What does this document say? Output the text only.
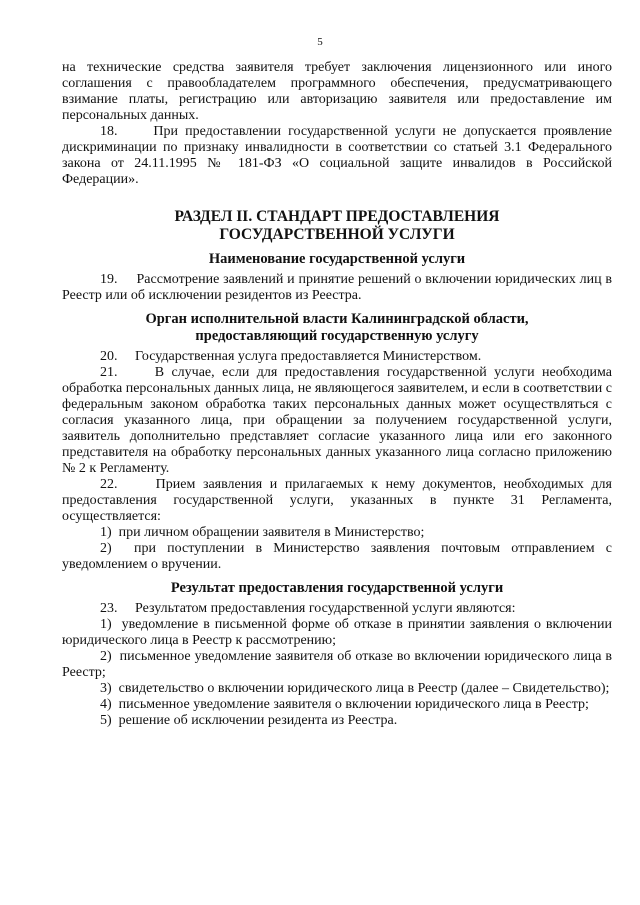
5

на технические средства заявителя требует заключения лицензионного или иного соглашения с правообладателем программного обеспечения, предусматривающего взимание платы, регистрацию или авторизацию заявителя или предоставление им персональных данных.

18.     При предоставлении государственной услуги не допускается проявление дискриминации по признаку инвалидности в соответствии со статьей 3.1 Федерального закона от 24.11.1995 № 181-ФЗ «О социальной защите инвалидов в Российской Федерации».

РАЗДЕЛ II. СТАНДАРТ ПРЕДОСТАВЛЕНИЯ
ГОСУДАРСТВЕННОЙ УСЛУГИ
Наименование государственной услуги

19.     Рассмотрение заявлений и принятие решений о включении юридических лиц в Реестр или об исключении резидентов из Реестра.

Орган исполнительной власти Калининградской области,
предоставляющий государственную услугу

20.     Государственная услуга предоставляется Министерством.

21.     В случае, если для предоставления государственной услуги необходима обработка персональных данных лица, не являющегося заявителем, и если в соответствии с федеральным законом обработка таких персональных данных может осуществляться с согласия указанного лица, при обращении за получением государственной услуги, заявитель дополнительно представляет согласие указанного лица или его законного представителя на обработку персональных данных указанного лица согласно приложению № 2 к Регламенту.

22.     Прием заявления и прилагаемых к нему документов, необходимых для предоставления государственной услуги, указанных в пункте 31 Регламента, осуществляется:

1)  при личном обращении заявителя в Министерство;

2)  при поступлении в Министерство заявления почтовым отправлением с уведомлением о вручении.

Результат предоставления государственной услуги

23.     Результатом предоставления государственной услуги являются:

1)  уведомление в письменной форме об отказе в принятии заявления о включении юридического лица в Реестр к рассмотрению;

2)  письменное уведомление заявителя об отказе во включении юридического лица в Реестр;

3)  свидетельство о включении юридического лица в Реестр (далее – Свидетельство);

4)  письменное уведомление заявителя о включении юридического лица в Реестр;

5)  решение об исключении резидента из Реестра.
